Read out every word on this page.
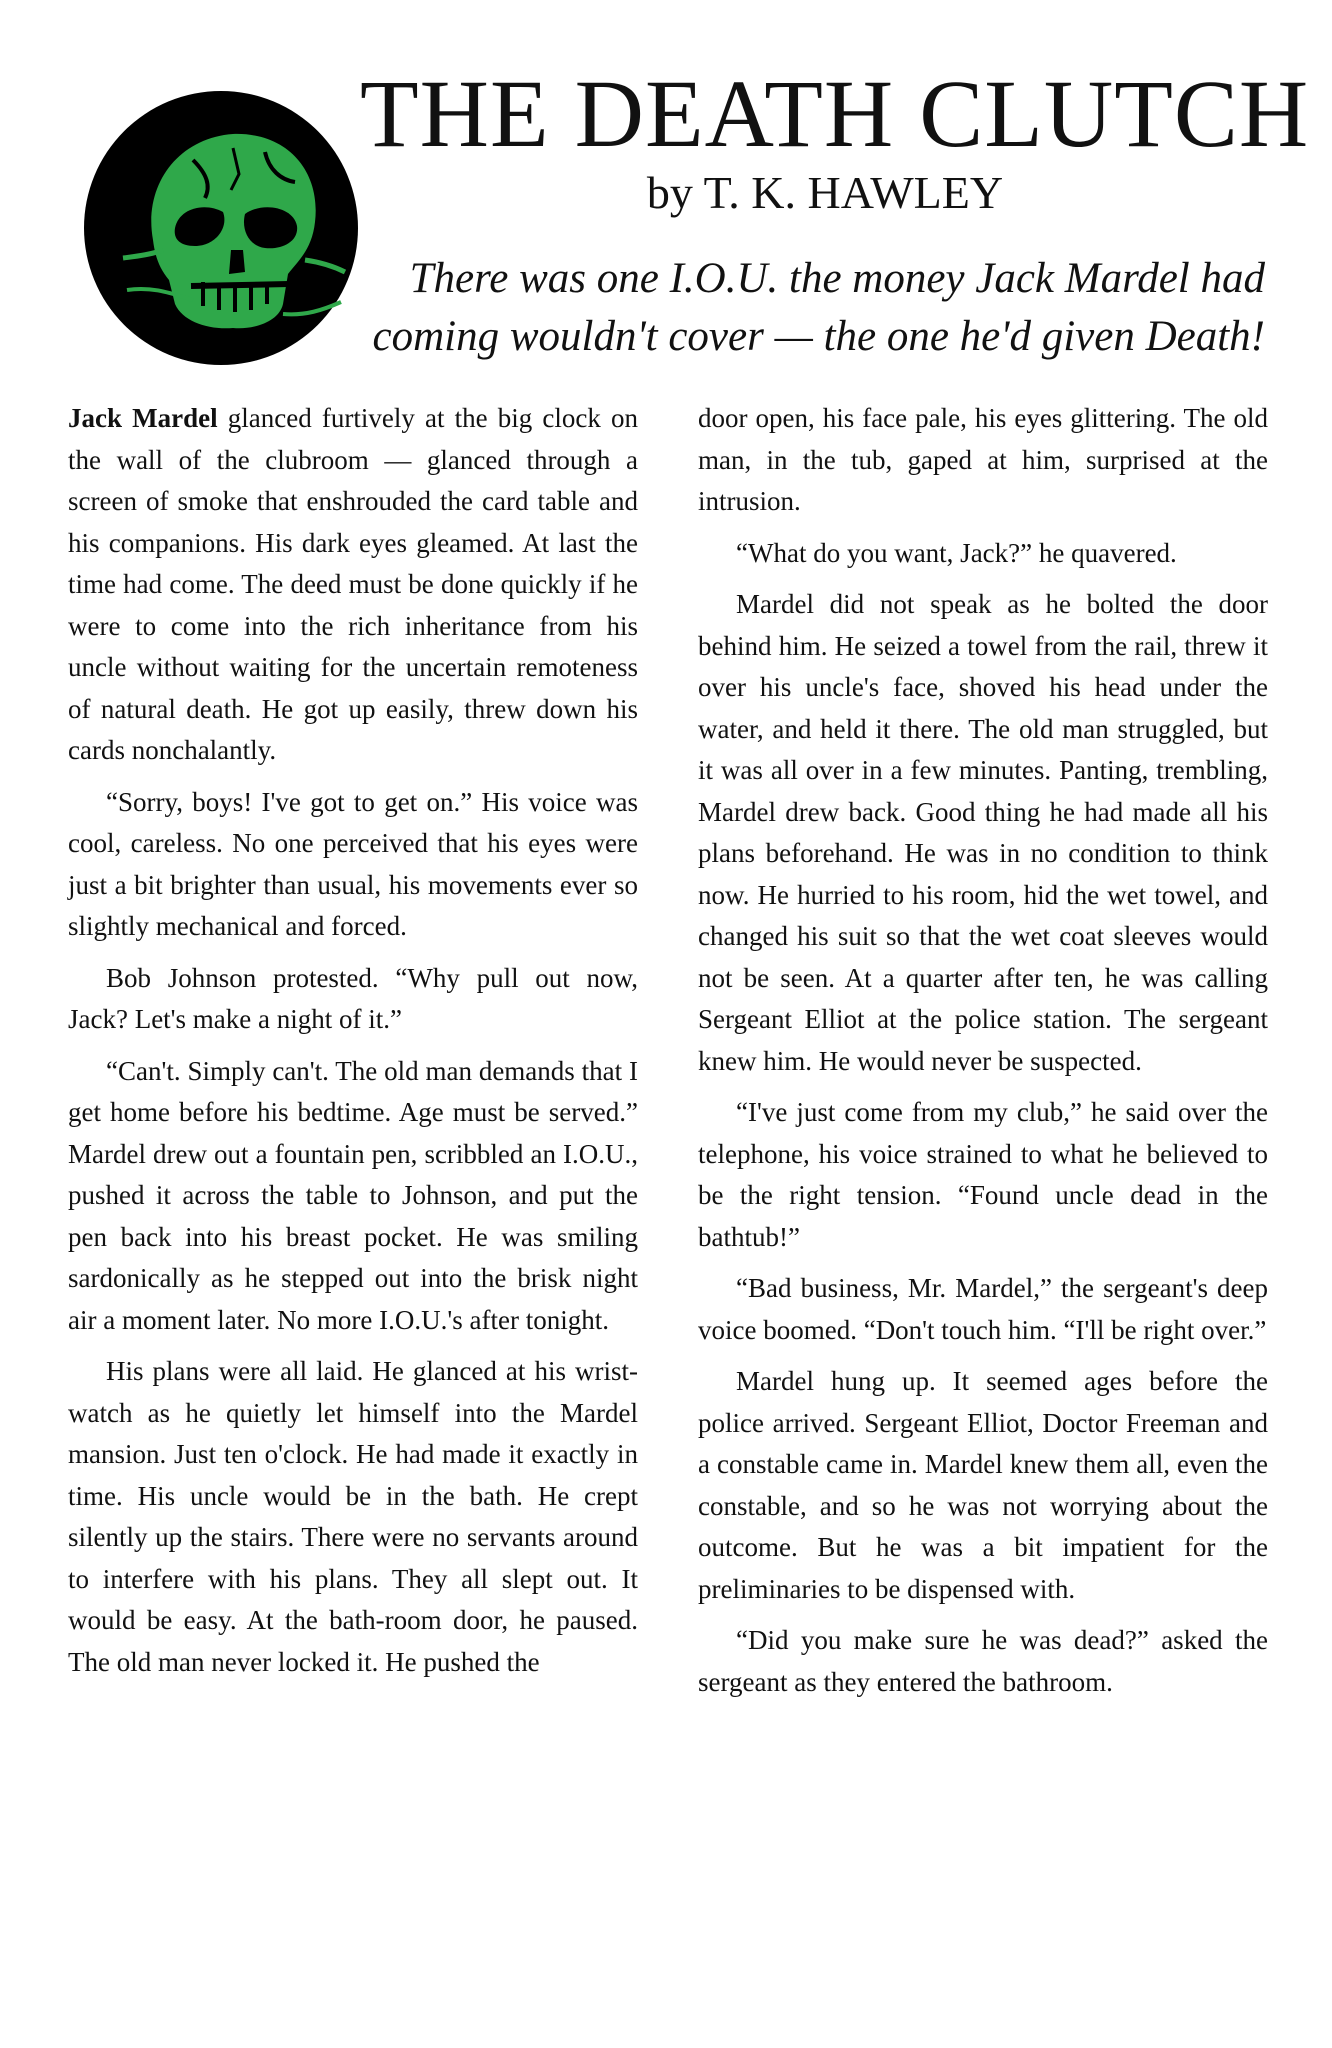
THE DEATH CLUTCH
by T. K. HAWLEY
There was one I.O.U. the money Jack Mardel had
coming wouldn't cover — the one he'd given Death!

Jack Mardel glanced furtively at the big clock on the wall of the clubroom — glanced through a screen of smoke that enshrouded the card table and his companions. His dark eyes gleamed. At last the time had come. The deed must be done quickly if he were to come into the rich inheritance from his uncle without waiting for the uncertain remoteness of natural death. He got up easily, threw down his cards nonchalantly.

“Sorry, boys! I've got to get on.” His voice was cool, careless. No one perceived that his eyes were just a bit brighter than usual, his movements ever so slightly mechanical and forced.

Bob Johnson protested. “Why pull out now, Jack? Let's make a night of it.”

“Can't. Simply can't. The old man demands that I get home before his bedtime. Age must be served.” Mardel drew out a fountain pen, scribbled an I.O.U., pushed it across the table to Johnson, and put the pen back into his breast pocket. He was smiling sardonically as he stepped out into the brisk night air a moment later. No more I.O.U.'s after tonight.

His plans were all laid. He glanced at his wrist-watch as he quietly let himself into the Mardel mansion. Just ten o'clock. He had made it exactly in time. His uncle would be in the bath. He crept silently up the stairs. There were no servants around to interfere with his plans. They all slept out. It would be easy. At the bath-room door, he paused. The old man never locked it. He pushed the

door open, his face pale, his eyes glittering. The old man, in the tub, gaped at him, surprised at the intrusion.

“What do you want, Jack?” he quavered.

Mardel did not speak as he bolted the door behind him. He seized a towel from the rail, threw it over his uncle's face, shoved his head under the water, and held it there. The old man struggled, but it was all over in a few minutes. Panting, trembling, Mardel drew back. Good thing he had made all his plans beforehand. He was in no condition to think now. He hurried to his room, hid the wet towel, and changed his suit so that the wet coat sleeves would not be seen. At a quarter after ten, he was calling Sergeant Elliot at the police station. The sergeant knew him. He would never be suspected.

“I've just come from my club,” he said over the telephone, his voice strained to what he believed to be the right tension. “Found uncle dead in the bathtub!”

“Bad business, Mr. Mardel,” the sergeant's deep voice boomed. “Don't touch him. “I'll be right over.”

Mardel hung up. It seemed ages before the police arrived. Sergeant Elliot, Doctor Freeman and a constable came in. Mardel knew them all, even the constable, and so he was not worrying about the outcome. But he was a bit impatient for the preliminaries to be dispensed with.

“Did you make sure he was dead?” asked the sergeant as they entered the bathroom.
